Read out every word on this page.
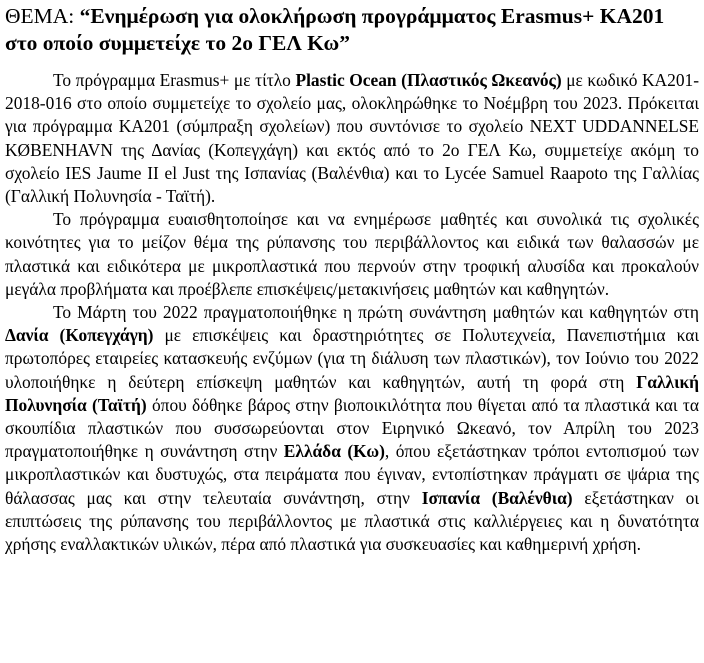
ΘΕΜΑ: “Ενημέρωση για ολοκλήρωση προγράμματος Erasmus+ KA201 στο οποίο συμμετείχε το 2ο ΓΕΛ Κω”

Το πρόγραμμα Erasmus+ με τίτλο Plastic Ocean (Πλαστικός Ωκεανός) με κωδικό KA201-2018-016 στο οποίο συμμετείχε το σχολείο μας, ολοκληρώθηκε το Νοέμβρη του 2023. Πρόκειται για πρόγραμμα ΚΑ201 (σύμπραξη σχολείων) που συντόνισε το σχολείο NEXT UDDANNELSE KØBENHAVN της Δανίας (Κοπεγχάγη) και εκτός από το 2ο ΓΕΛ Κω, συμμετείχε ακόμη το σχολείο IES Jaume II el Just της Ισπανίας (Βαλένθια) και το Lycée Samuel Raapoto της Γαλλίας (Γαλλική Πολυνησία - Ταϊτή).

Το πρόγραμμα ευαισθητοποίησε και να ενημέρωσε μαθητές και συνολικά τις σχολικές κοινότητες για το μείζον θέμα της ρύπανσης του περιβάλλοντος και ειδικά των θαλασσών με πλαστικά και ειδικότερα με μικροπλαστικά που περνούν στην τροφική αλυσίδα και προκαλούν μεγάλα προβλήματα και προέβλεπε επισκέψεις/μετακινήσεις μαθητών και καθηγητών.

Το Μάρτη του 2022 πραγματοποιήθηκε η πρώτη συνάντηση μαθητών και καθηγητών στη Δανία (Κοπεγχάγη) με επισκέψεις και δραστηριότητες σε Πολυτεχνεία, Πανεπιστήμια και πρωτοπόρες εταιρείες κατασκευής ενζύμων (για τη διάλυση των πλαστικών), τον Ιούνιο του 2022 υλοποιήθηκε η δεύτερη επίσκεψη μαθητών και καθηγητών, αυτή τη φορά στη Γαλλική Πολυνησία (Ταϊτή) όπου δόθηκε βάρος στην βιοποικιλότητα που θίγεται από τα πλαστικά και τα σκουπίδια πλαστικών που συσσωρεύονται στον Ειρηνικό Ωκεανό, τον Απρίλη του 2023 πραγματοποιήθηκε η συνάντηση στην Ελλάδα (Κω), όπου εξετάστηκαν τρόποι εντοπισμού των μικροπλαστικών και δυστυχώς, στα πειράματα που έγιναν, εντοπίστηκαν πράγματι σε ψάρια της θάλασσας μας και στην τελευταία συνάντηση, στην Ισπανία (Βαλένθια) εξετάστηκαν οι επιπτώσεις της ρύπανσης του περιβάλλοντος με πλαστικά στις καλλιέργειες και η δυνατότητα χρήσης εναλλακτικών υλικών, πέρα από πλαστικά για συσκευασίες και καθημερινή χρήση.
